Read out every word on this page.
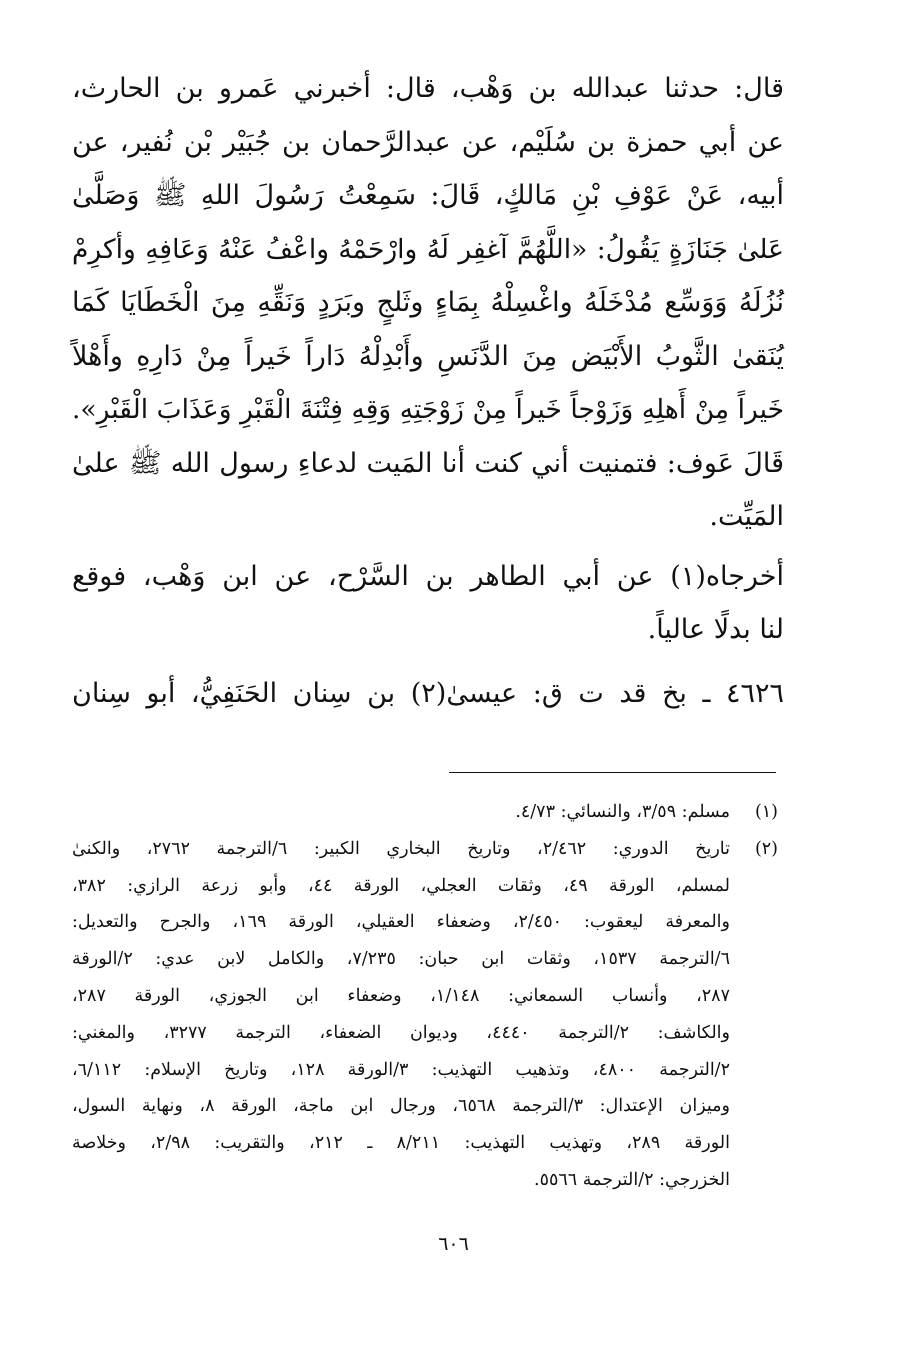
قال: حدثنا عبدالله بن وَهْب، قال: أخبرني عَمرو بن الحارث،
عن أبي حمزة بن سُلَيْم، عن عبدالرَّحمان بن جُبَيْر بْن نُفير، عن
أبيه، عَنْ عَوْفِ بْنِ مَالكٍ، قَالَ: سَمِعْتُ رَسُولَ اللهِ ﷺ وَصَلَّىٰ
عَلىٰ جَنَازَةٍ يَقُولُ: «اللَّهُمَّ آغفِر لَهُ وارْحَمْهُ واعْفُ عَنْهُ وَعَافِهِ وأكرِمْ
نُزُلَهُ وَوَسِّع مُدْخَلَهُ واغْسِلْهُ بِمَاءٍ وثَلجٍ وبَرَدٍ وَنَقِّهِ مِنَ الْخَطَايَا كَمَا
يُنَقىٰ الثَّوبُ الأَبْيَض مِنَ الدَّنَسِ وأَبْدِلْهُ دَاراً خَيراً مِنْ دَارِهِ وأَهْلاً
خَيراً مِنْ أَهلِهِ وَزَوْجاً خَيراً مِنْ زَوْجَتِهِ وَقِهِ فِتْنَةَ الْقَبْرِ وَعَذَابَ الْقَبْرِ».
قَالَ عَوف: فتمنيت أني كنت أنا المَيت لدعاءِ رسول الله ﷺ علىٰ
المَيِّت.

أخرجاه(١) عن أبي الطاهر بن السَّرْح، عن ابن وَهْب، فوقع
لنا بدلًا عالياً.

٤٦٢٦ ـ بخ قد ت ق: عيسىٰ(٢) بن سِنان الحَنَفِيُّ، أبو سِنان

(١)
مسلم: ٣/٥٩، والنسائي: ٤/٧٣.
(٢)
تاريخ الدوري: ٢/٤٦٢، وتاريخ البخاري الكبير: ٦/الترجمة ٢٧٦٢، والكنىٰ
لمسلم، الورقة ٤٩، وثقات العجلي، الورقة ٤٤، وأبو زرعة الرازي: ٣٨٢،
والمعرفة ليعقوب: ٢/٤٥٠، وضعفاء العقيلي، الورقة ١٦٩، والجرح والتعديل:
٦/الترجمة ١٥٣٧، وثقات ابن حبان: ٧/٢٣٥، والكامل لابن عدي: ٢/الورقة
٢٨٧، وأنساب السمعاني: ١/١٤٨، وضعفاء ابن الجوزي، الورقة ٢٨٧،
والكاشف: ٢/الترجمة ٤٤٤٠، وديوان الضعفاء، الترجمة ٣٢٧٧، والمغني:
٢/الترجمة ٤٨٠٠، وتذهيب التهذيب: ٣/الورقة ١٢٨، وتاريخ الإسلام: ٦/١١٢،
وميزان الإعتدال: ٣/الترجمة ٦٥٦٨، ورجال ابن ماجة، الورقة ٨، ونهاية السول،
الورقة ٢٨٩، وتهذيب التهذيب: ٨/٢١١ ـ ٢١٢، والتقريب: ٢/٩٨، وخلاصة
الخزرجي: ٢/الترجمة ٥٥٦٦.
٦٠٦
